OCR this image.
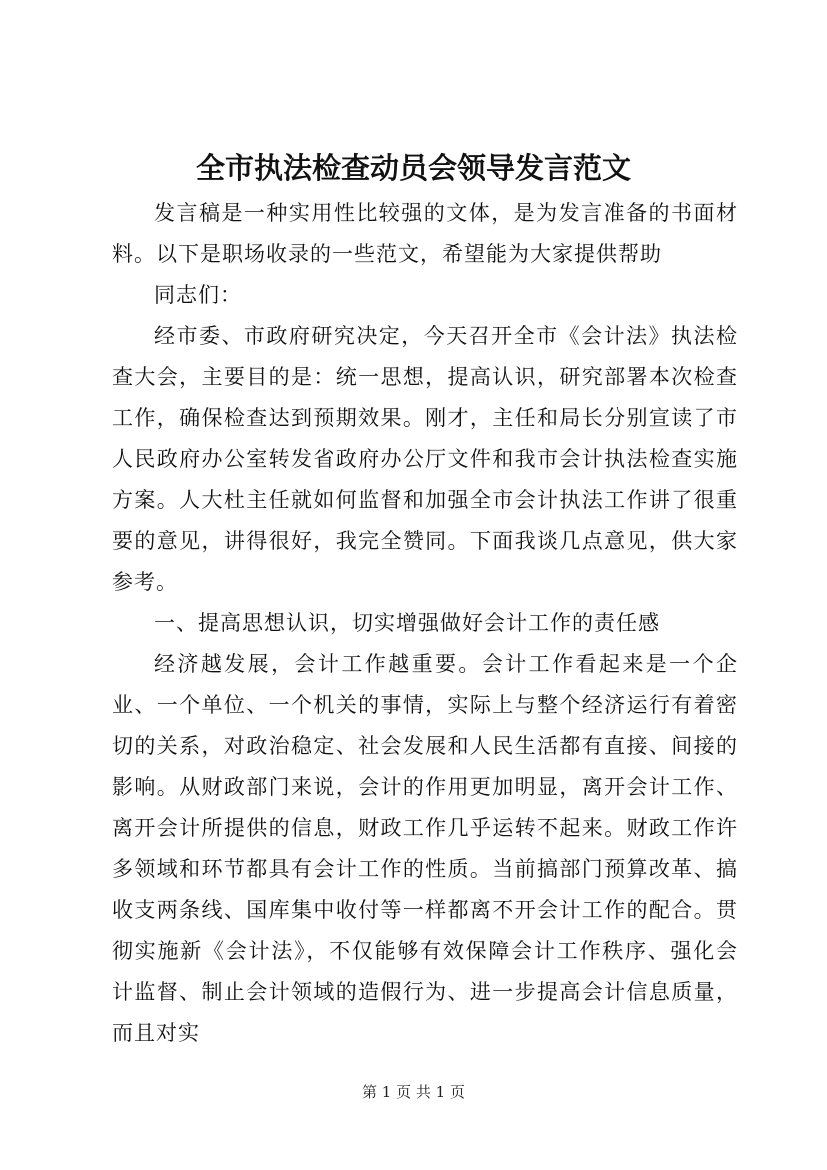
全市执法检查动员会领导发言范文

发言稿是一种实用性比较强的文体，是为发言准备的书面材料。以下是职场收录的一些范文，希望能为大家提供帮助

同志们：

经市委、市政府研究决定，今天召开全市《会计法》执法检查大会，主要目的是：统一思想，提高认识，研究部署本次检查工作，确保检查达到预期效果。刚才，主任和局长分别宣读了市人民政府办公室转发省政府办公厅文件和我市会计执法检查实施方案。人大杜主任就如何监督和加强全市会计执法工作讲了很重要的意见，讲得很好，我完全赞同。下面我谈几点意见，供大家参考。

一、提高思想认识，切实增强做好会计工作的责任感

经济越发展，会计工作越重要。会计工作看起来是一个企业、一个单位、一个机关的事情，实际上与整个经济运行有着密切的关系，对政治稳定、社会发展和人民生活都有直接、间接的影响。从财政部门来说，会计的作用更加明显，离开会计工作、离开会计所提供的信息，财政工作几乎运转不起来。财政工作许多领域和环节都具有会计工作的性质。当前搞部门预算改革、搞收支两条线、国库集中收付等一样都离不开会计工作的配合。贯彻实施新《会计法》，不仅能够有效保障会计工作秩序、强化会计监督、制止会计领域的造假行为、进一步提高会计信息质量，而且对实

第 1 页 共 1 页
